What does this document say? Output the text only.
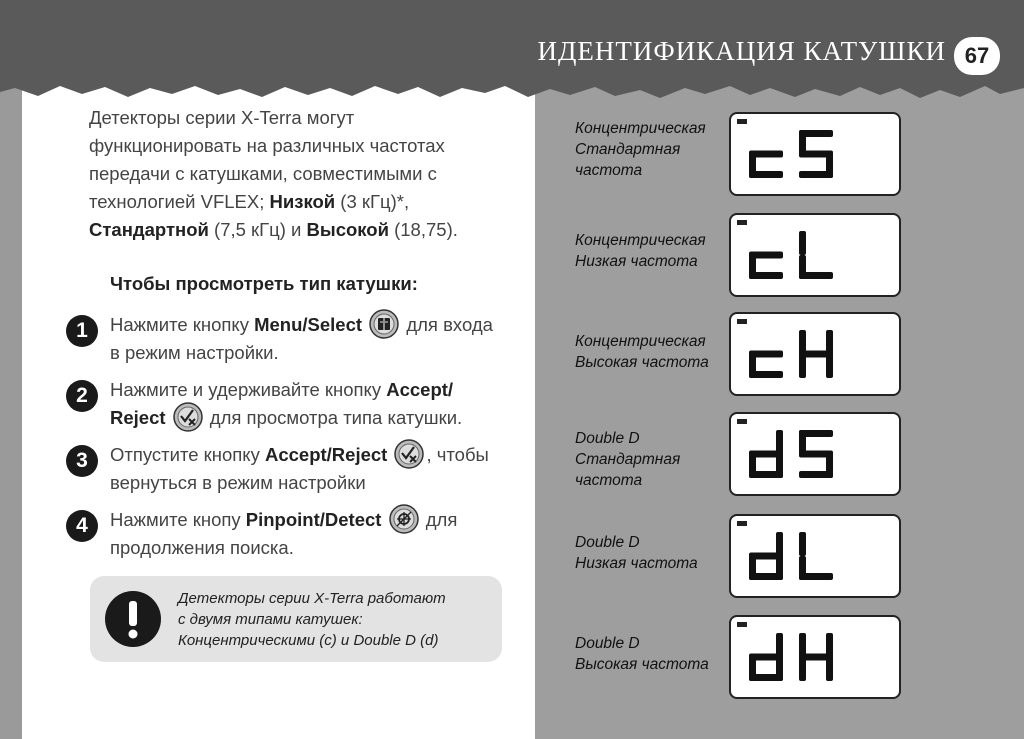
ИДЕНТИФИКАЦИЯ КАТУШКИ 67
Детекторы серии X-Terra могут функционировать на различных частотах передачи с катушками, совместимыми с технологией VFLEX; Низкой (3 кГц)*,
Стандартной (7,5 кГц) и Высокой (18,75).
Чтобы просмотреть тип катушки:
1	Нажмите кнопку Menu/Select  для входа в режим настройки.
2	Нажмите и удерживайте кнопку Accept/ Reject  для просмотра типа катушки.
3	Отпустите кнопку Accept/Reject , чтобы вернуться в режим настройки
4	Нажмите кнопу Pinpoint/Detect  для продолжения поиска.
Детекторы серии X-Terra работают
с двумя типами катушек:
Концентрическими (c) и Double D (d)
Концентрическая
Стандартная
частота
Концентрическая
Низкая частота
Концентрическая
Высокая частота
Double D
Стандартная
частота
Double D
Низкая частота
Double D
Высокая частота
